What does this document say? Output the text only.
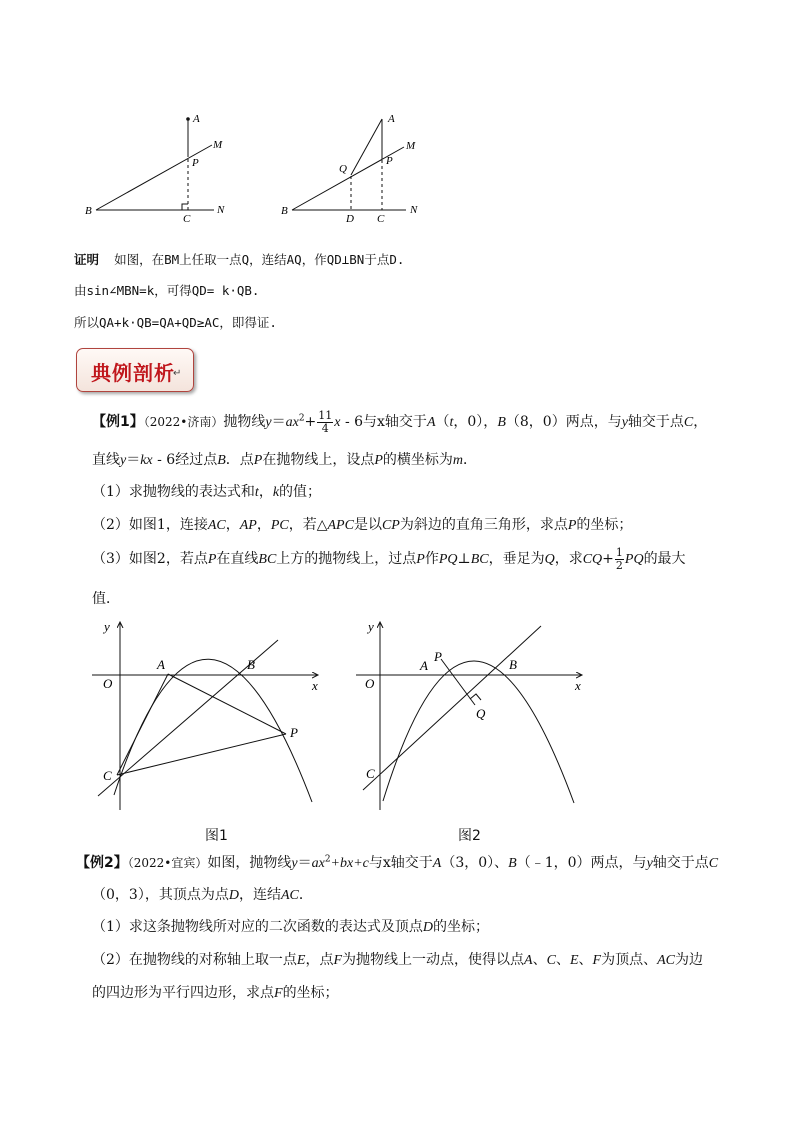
A
M
P
B
C
N
A
M
Q
P
B
D C
N
证明 如图，在BM上任取一点Q，连结AQ，作QD⊥BN于点D.
由sin∠MBN=k，可得QD= k·QB.
所以QA+k·QB=QA+QD≥AC，即得证.
典例剖析
↵
【例1】（2022•济南）抛物线$y=ax^2+ \frac{11}{4}$ x - 6与x轴交于A（t，0），B（8，0）两点，与y轴交于点C，
直线y＝kx - 6经过点B．点P在抛物线上，设点P的横坐标为m．
（1）求抛物线的表达式和t，k的值；
（2）如图1，连接AC，AP，PC，若△APC是以CP为斜边的直角三角形，求点P的坐标；
（3）如图2，若点P在直线BC上方的抛物线上，过点P作PQ⊥BC，垂足为Q，求$CQ+ \frac{1}{2}$ PQ的最大
值．
y
x
O
A	B
P
C
y
x
O
A
P
B
Q
C
图1	图2
【例2】（2022•宜宾）如图，抛物线$y=ax^2+bx+c$与x轴交于A（3，0）、B（﹣1，0）两点，与y轴交于点C
（0，3），其顶点为点D，连结AC．
（1）求这条抛物线所对应的二次函数的表达式及顶点D的坐标；
（2）在抛物线的对称轴上取一点E，点F为抛物线上一动点，使得以点A、C、E、F为顶点、AC为边
的四边形为平行四边形，求点F的坐标；
